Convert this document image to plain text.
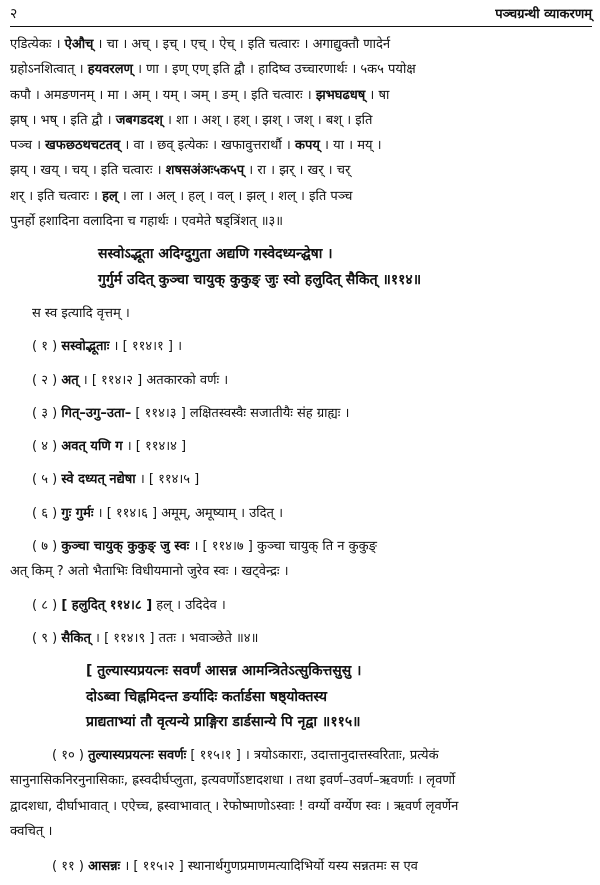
२	पञ्चग्रन्थी व्याकरणम्
एडित्येकः । ऐऔच् । चा । अच् । इच् । एच् । ऐच् । इति चत्वारः । अगाद्युक्तौ णादेर्न
ग्रहोऽनशित्वात् । हयवरलण् । णा । इण् एण् इति द्वौ । हादिष्व उच्चारणार्थः । ५क५ पयोक्ष
कपौ । अमङणनम् । मा । अम् । यम् । ञम् । ङम् । इति चत्वारः । झभघढधष् । षा
झष् । भष् । इति द्वौ । जबगडदश् । शा । अश् । हश् । झश् । जश् । बश् । इति
पञ्च । खफछठथचटतव् । वा । छव् इत्येकः । खफावुत्तरार्थौ । कपय् । या । मय् ।
झय् । खय् । चय् । इति चत्वारः । शषसअंअः५क५प् । रा । झर् । खर् । चर्
शर् । इति चत्वारः । हल् । ला । अल् । हल् । वल् । झल् । शल् । इति पञ्च
पुनर्हो हशादिना वलादिना च गहार्थः । एवमेते षड्त्रिंशत् ॥३॥
सस्वोऽद्भूता अदिग्दुगुता अद्यणि गस्वेदध्यन्द्घेषा ।
गुर्गुर्म उदित् कुञ्चा चायुक् कुकुङ् जुः स्वो हलुदित् सैकित् ॥११४॥
स स्व इत्यादि वृत्तम् ।
( १ ) सस्वोद्भूताः । [ ११४।१ ] ।
( २ ) अत् । [ ११४।२ ] अतकारको वर्णः ।
( ३ ) गित्–उगु–उता– [ ११४।३ ] लक्षितस्वस्वैः सजातीयैः संह ग्राह्यः ।
( ४ ) अवत् यणि ग । [ ११४।४ ]
( ५ ) स्वे दध्यत् नद्येषा । [ ११४।५ ]
( ६ ) गुः गुर्मः । [ ११४।६ ] अमूम्, अमूष्याम् । उदित् ।
( ७ ) कुञ्चा चायुक् कुकुङ् जु स्वः । [ ११४।७ ] कुञ्चा चायुक् ति न कुकुङ्
अत् किम् ? अतो भैताभिः विधीयमानो जुरेव स्वः । खट्वेन्द्रः ।
( ८ ) [ हलुदित् ११४।८ ] हल् । उदिदेव ।
( ९ ) सैकित् । [ ११४।९ ] ततः । भवाञ्छेते ॥४॥
[ तुल्यास्यप्रयत्नः सवर्णं आसन्न आमन्त्रितेऽत्सुकित्तसुसु ।
दोऽब्वा चिह्नमिदन्त ङर्यादिः कर्तार्डसा षष्ठ्योक्तस्य
प्राद्यताभ्यां तौ वृत्यन्ये प्राङ्गिरा डार्डसान्ये पि नृद्वा ॥११५॥
( १० ) तुल्यास्यप्रयत्नः सवर्णः [ ११५।१ ] । त्रयोऽकाराः, उदात्तानुदात्तस्वरिताः, प्रत्येकं
सानुनासिकनिरनुनासिकाः, ह्रस्वदीर्घप्लुता, इत्यवर्णोऽष्टादशधा । तथा इवर्ण–उवर्ण–ऋवर्णाः । लृवर्णो
द्वादशधा, दीर्घाभावात् । एऐच्च, ह्रस्वाभावात् । रेफोष्माणोऽस्वाः ! वर्ग्यो वर्ग्येण स्वः । ऋवर्ण लृवर्णेन
क्वचित् ।
( ११ ) आसन्नः । [ ११५।२ ] स्थानार्थगुणप्रमाणमत्यादिभिर्यो यस्य सन्नतमः स एव
